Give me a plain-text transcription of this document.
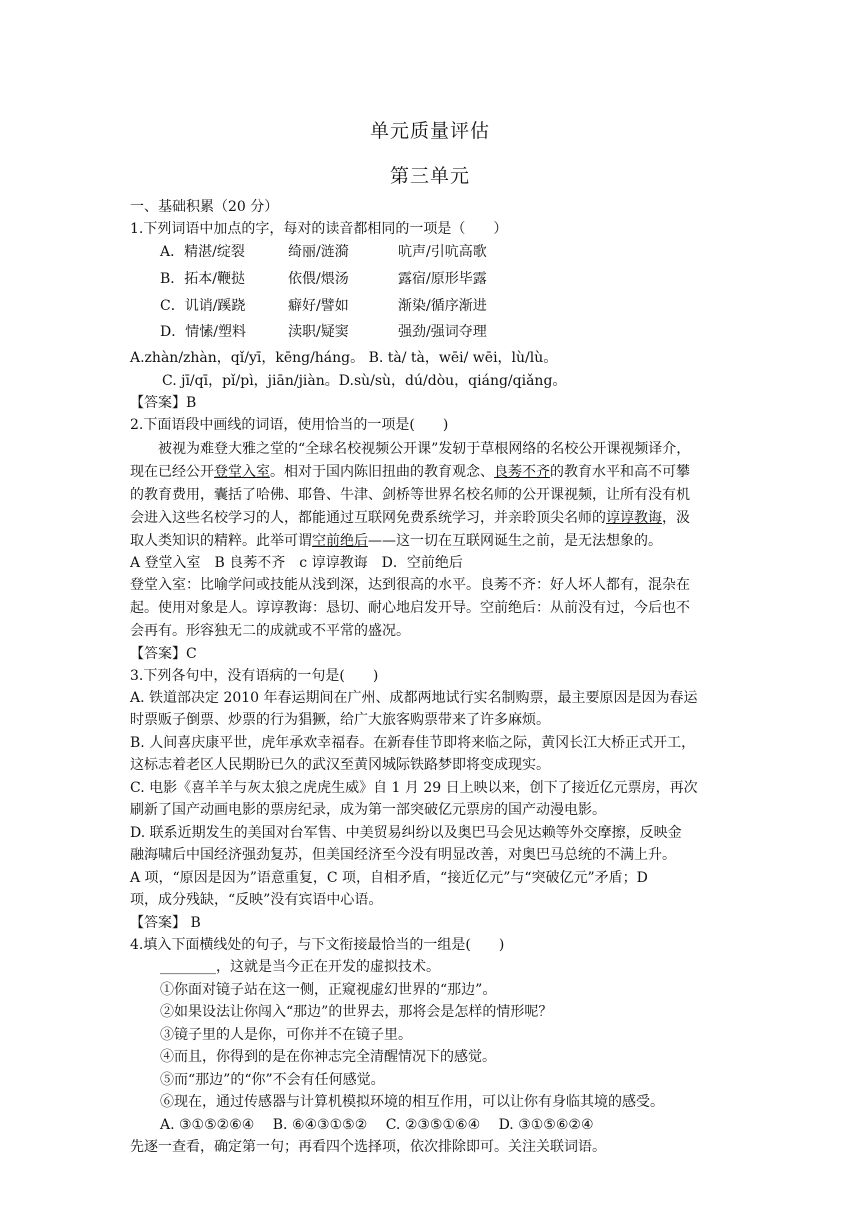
单元质量评估
第三单元
一、基础积累（20 分）
1.下列词语中加点的字，每对的读音都相同的一项是（　　）
A．精湛/绽裂	绮丽/涟漪	吭声/引吭高歌
B．拓本/鞭挞	依偎/煨汤	露宿/原形毕露
C．讥诮/蹊跷	癖好/譬如	渐染/循序渐进
D．情愫/塑料	渎职/疑窦	强劲/强词夺理
A.zhàn/zhàn，qǐ/yī，kēng/háng。 B. tà/ tà，wēi/ wēi，lù/lù。
C. jī/qī，pǐ/pì，jiān/jiàn。D.sù/sù，dú/dòu，qiáng/qiǎng。
【答案】B
2.下面语段中画线的词语，使用恰当的一项是(　　)
被视为难登大雅之堂的“全球名校视频公开课”发轫于草根网络的名校公开课视频译介，
现在已经公开登堂入室。相对于国内陈旧扭曲的教育观念、良莠不齐的教育水平和高不可攀
的教育费用，囊括了哈佛、耶鲁、牛津、剑桥等世界名校名师的公开课视频，让所有没有机
会进入这些名校学习的人，都能通过互联网免费系统学习，并亲聆顶尖名师的谆谆教诲，汲
取人类知识的精粹。此举可谓空前绝后——这一切在互联网诞生之前，是无法想象的。
A 登堂入室　B 良莠不齐　c 谆谆教诲　D．空前绝后
登堂入室：比喻学问或技能从浅到深，达到很高的水平。良莠不齐：好人坏人都有，混杂在
起。使用对象是人。谆谆教诲：恳切、耐心地启发开导。空前绝后：从前没有过，今后也不
会再有。形容独无二的成就或不平常的盛况。
【答案】C
3.下列各句中，没有语病的一句是(　　)
A. 铁道部决定 2010 年春运期间在广州、成都两地试行实名制购票，最主要原因是因为春运
时票贩子倒票、炒票的行为猖獗，给广大旅客购票带来了许多麻烦。
B. 人间喜庆康平世，虎年承欢幸福春。在新春佳节即将来临之际，黄冈长江大桥正式开工，
这标志着老区人民期盼已久的武汉至黄冈城际铁路梦即将变成现实。
C. 电影《喜羊羊与灰太狼之虎虎生威》自 1 月 29 日上映以来，创下了接近亿元票房，再次
刷新了国产动画电影的票房纪录，成为第一部突破亿元票房的国产动漫电影。
D. 联系近期发生的美国对台军售、中美贸易纠纷以及奥巴马会见达赖等外交摩擦，反映金
融海啸后中国经济强劲复苏，但美国经济至今没有明显改善，对奥巴马总统的不满上升。
A 项，“原因是因为”语意重复，C 项，自相矛盾，“接近亿元”与“突破亿元”矛盾；D
项，成分残缺，“反映”没有宾语中心语。
【答案】 B
4.填入下面横线处的句子，与下文衔接最恰当的一组是(　　)
________，这就是当今正在开发的虚拟技术。
①你面对镜子站在这一侧，正窥视虚幻世界的“那边”。
②如果设法让你闯入“那边”的世界去，那将会是怎样的情形呢？
③镜子里的人是你，可你并不在镜子里。
④而且，你得到的是在你神志完全清醒情况下的感觉。
⑤而“那边”的“你”不会有任何感觉。
⑥现在，通过传感器与计算机模拟环境的相互作用，可以让你有身临其境的感受。
A. ③①⑤②⑥④　 B. ⑥④③①⑤②　 C. ②③⑤①⑥④　 D. ③①⑤⑥②④
先逐一查看，确定第一句；再看四个选择项，依次排除即可。关注关联词语。
